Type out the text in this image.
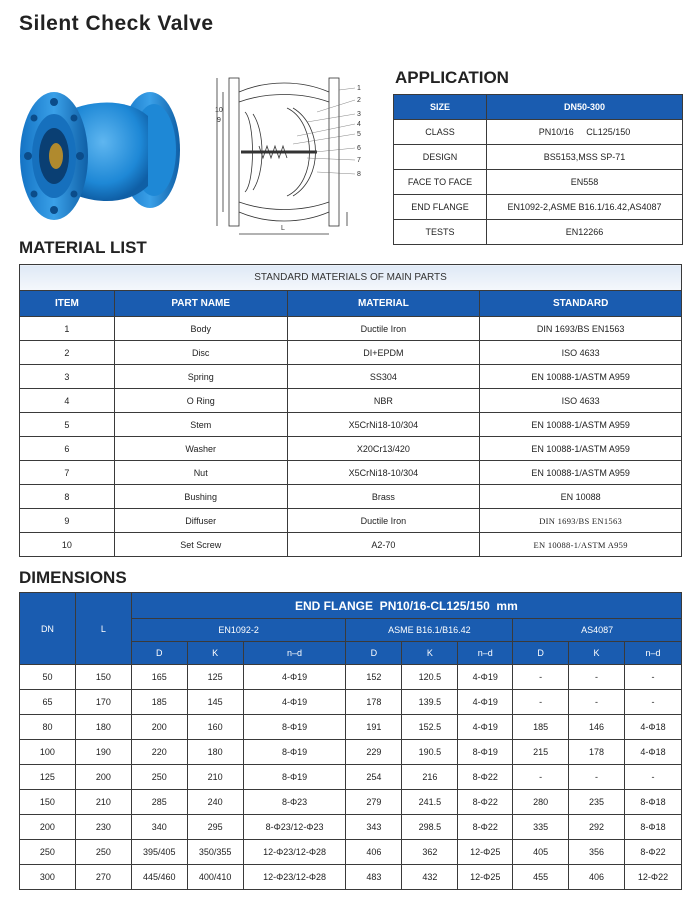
Silent Check Valve
1
2
3
4
5
6
7
8
10
9
L
APPLICATION
SIZE	DN50-300
CLASS	PN10/16     CL125/150
DESIGN	BS5153,MSS SP-71
FACE TO FACE	EN558
END FLANGE	EN1092-2,ASME B16.1/16.42,AS4087
TESTS	EN12266
MATERIAL LIST
STANDARD MATERIALS OF MAIN PARTS			
ITEM	PART NAME	MATERIAL	STANDARD
1	Body	Ductile Iron	DIN 1693/BS EN1563
2	Disc	DI+EPDM	ISO 4633
3	Spring	SS304	EN 10088-1/ASTM A959
4	O Ring	NBR	ISO 4633
5	Stem	X5CrNi18-10/304	EN 10088-1/ASTM A959
6	Washer	X20Cr13/420	EN 10088-1/ASTM A959
7	Nut	X5CrNi18-10/304	EN 10088-1/ASTM A959
8	Bushing	Brass	EN 10088
9	Diffuser	Ductile Iron	DIN 1693/BS EN1563
10	Set Screw	A2-70	EN 10088-1/ASTM A959
DIMENSIONS
DN	L	END FLANGE  PN10/16-CL125/150  mm								
		EN1092-2			ASME B16.1/B16.42			AS4087		
		D	K	n–d	D	K	n–d	D	K	n–d
50	150	165	125	4-Φ19	152	120.5	4-Φ19	-	-	-
65	170	185	145	4-Φ19	178	139.5	4-Φ19	-	-	-
80	180	200	160	8-Φ19	191	152.5	4-Φ19	185	146	4-Φ18
100	190	220	180	8-Φ19	229	190.5	8-Φ19	215	178	4-Φ18
125	200	250	210	8-Φ19	254	216	8-Φ22	-	-	-
150	210	285	240	8-Φ23	279	241.5	8-Φ22	280	235	8-Φ18
200	230	340	295	8-Φ23/12-Φ23	343	298.5	8-Φ22	335	292	8-Φ18
250	250	395/405	350/355	12-Φ23/12-Φ28	406	362	12-Φ25	405	356	8-Φ22
300	270	445/460	400/410	12-Φ23/12-Φ28	483	432	12-Φ25	455	406	12-Φ22
